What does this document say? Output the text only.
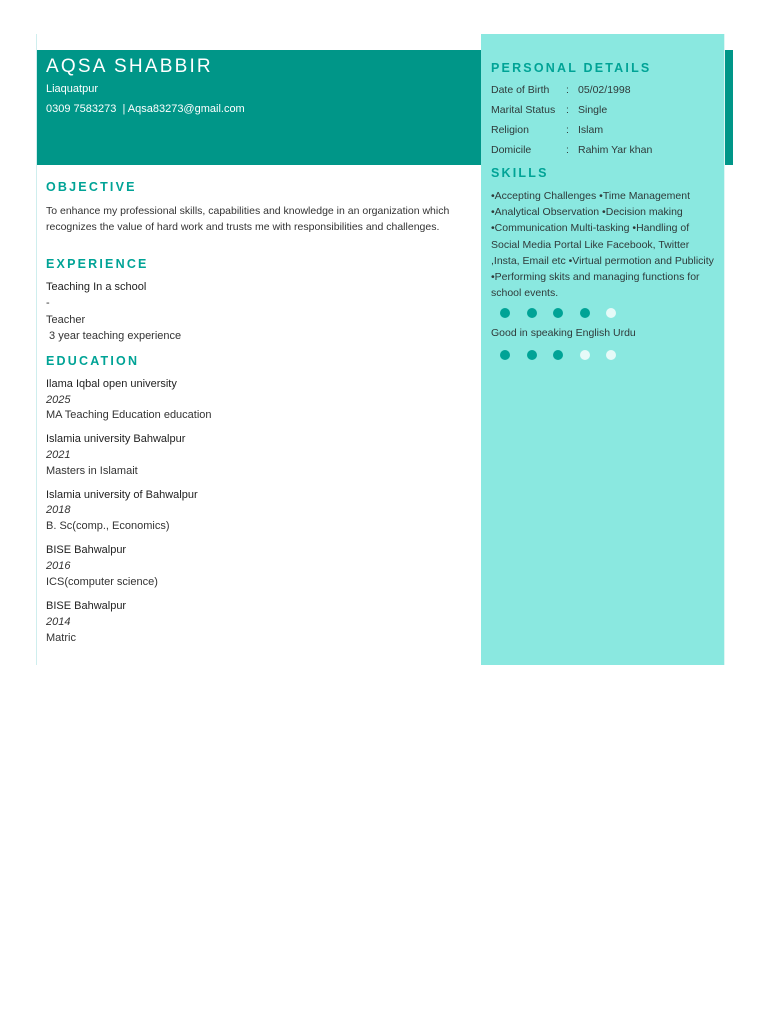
AQSA SHABBIR
Liaquatpur
0309 7583273  | Aqsa83273@gmail.com
OBJECTIVE
To enhance my professional skills, capabilities and knowledge in an organization which recognizes the value of hard work and trusts me with responsibilities and challenges.
EXPERIENCE
Teaching In a school
-
Teacher
3 year teaching experience
EDUCATION
Ilama Iqbal open university
2025
MA Teaching Education education
Islamia university Bahwalpur
2021
Masters in Islamait
Islamia university of Bahwalpur
2018
B. Sc(comp., Economics)
BISE Bahwalpur
2016
ICS(computer science)
BISE Bahwalpur
2014
Matric
PERSONAL DETAILS
Date of Birth : 05/02/1998
Marital Status : Single
Religion	: Islam
Domicile	: Rahim Yar khan
SKILLS
•Accepting Challenges •Time Management •Analytical Observation •Decision making •Communication Multi-tasking •Handling of Social Media Portal Like Facebook, Twitter ,Insta, Email etc •Virtual permotion and Publicity •Performing skits and managing functions for school events.
Good in speaking English Urdu
